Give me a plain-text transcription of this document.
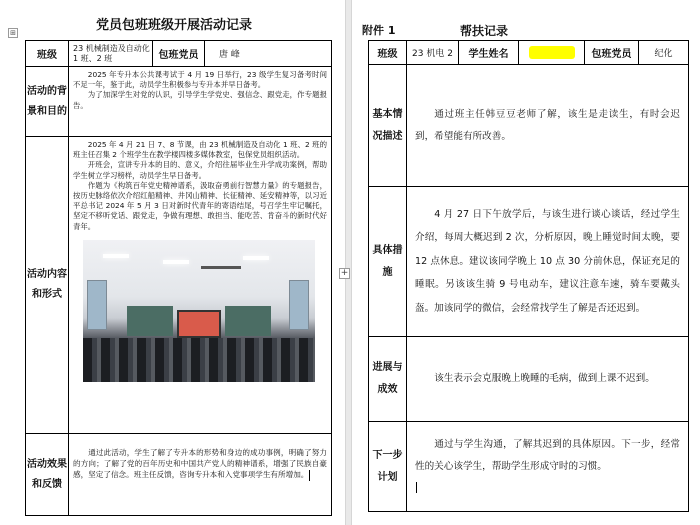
⊞	党员包班班级开展活动记录
+
班级	23 机械制造及自动化 1 班、2 班	包班党员	唐 峰
活动的背景和目的	2025 年专升本公共课考试于 4 月 19 日举行，23 级学生复习备考时间不足一年，鉴于此，动员学生积极参与专升本并早日备考。

为了加深学生对党的认识，引导学生学党史、强信念、跟党走，作专题报告。		

活动内容和形式	2025 年 4 月 21 日 7、8 节课，由 23 机械制造及自动化 1 班、2 班的班主任召集 2 个班学生在教学楼四楼多媒体教室，包保党员组织活动。

开班会，宣讲专升本的目的、意义，介绍往届毕业生升学成功案例，帮助学生树立学习榜样，动员学生早日备考。

作题为《构筑百年党史精神谱系，汲取奋勇前行智慧力量》的专题报告，按历史脉络依次介绍红船精神、井冈山精神、长征精神、延安精神等，以习近平总书记 2024 年 5 月 3 日对新时代青年的寄语结尾，号召学生牢记嘱托，坚定不移听党话、跟党走，争做有理想、敢担当、能吃苦、肯奋斗的新时代好青年。		

活动效果和反馈	通过此活动，学生了解了专升本的形势和身边的成功事例，明确了努力的方向；了解了党的百年历史和中国共产党人的精神谱系，增强了民族自豪感，坚定了信念。班主任反馈，咨询专升本和入党事项学生有所增加。		

附件 1	帮扶记录
班级	23 机电 2	学生姓名		包班党员	纪化
基本情况描述	通过班主任韩豆豆老师了解，该生是走读生，有时会迟到，希望能有所改善。				

具体措施	4 月 27 日下午放学后，与该生进行谈心谈话，经过学生介绍，每周大概迟到 2 次，分析原因，晚上睡觉时间太晚，要 12 点休息。建议该同学晚上 10 点 30 分前休息，保证充足的睡眠。另该该生骑 9 号电动车，建议注意车速，骑车要戴头盔。加该同学的微信，会经常找学生了解是否还迟到。				

进展与成效	该生表示会克服晚上晚睡的毛病，做到上课不迟到。				

下一步计划	通过与学生沟通，了解其迟到的具体原因。下一步，经常性的关心该学生，帮助学生形成守时的习惯。				
